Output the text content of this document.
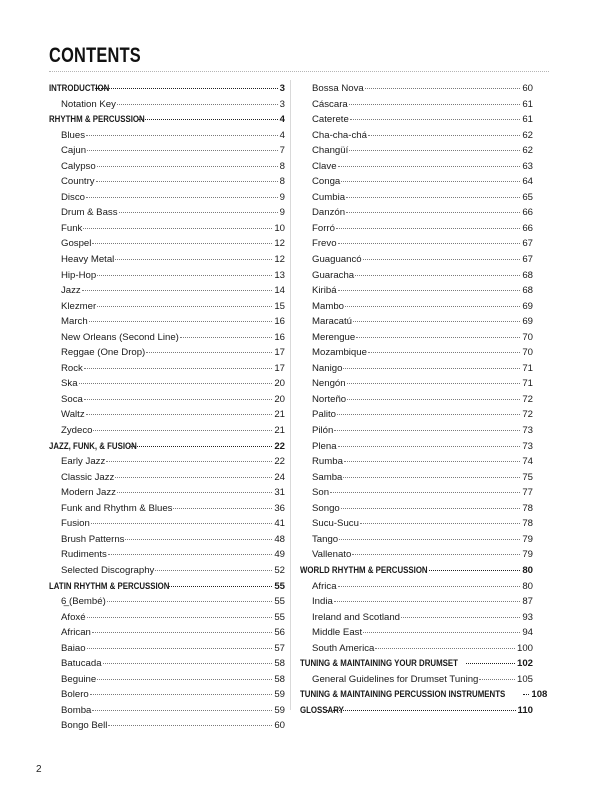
CONTENTS
INTRODUCTION	3
Notation Key	3
RHYTHM & PERCUSSION	4
Blues	4
Cajun	7
Calypso	8
Country	8
Disco	9
Drum & Bass	9
Funk	10
Gospel	12
Heavy Metal	12
Hip-Hop	13
Jazz	14
Klezmer	15
March	16
New Orleans (Second Line)	16
Reggae (One Drop)	17
Rock	17
Ska	20
Soca	20
Waltz	21
Zydeco	21
JAZZ, FUNK, & FUSION	22
Early Jazz	22
Classic Jazz	24
Modern Jazz	31
Funk and Rhythm & Blues	36
Fusion	41
Brush Patterns	48
Rudiments	49
Selected Discography	52
LATIN RHYTHM & PERCUSSION	55
6̲ (Bembé)	55
Afoxé	55
African	56
Baiao	57
Batucada	58
Beguine	58
Bolero	59
Bomba	59
Bongo Bell	60
Bossa Nova	60
Cáscara	61
Caterete	61
Cha-cha-chá	62
Changüí	62
Clave	63
Conga	64
Cumbia	65
Danzón	66
Forró	66
Frevo	67
Guaguancó	67
Guaracha	68
Kiribá	68
Mambo	69
Maracatú	69
Merengue	70
Mozambique	70
Nanigo	71
Nengón	71
Norteño	72
Palito	72
Pilón	73
Plena	73
Rumba	74
Samba	75
Son	77
Songo	78
Sucu-Sucu	78
Tango	79
Vallenato	79
WORLD RHYTHM & PERCUSSION	80
Africa	80
India	87
Ireland and Scotland	93
Middle East	94
South America	100
TUNING & MAINTAINING YOUR DRUMSET	102
General Guidelines for Drumset Tuning	105
TUNING & MAINTAINING PERCUSSION INSTRUMENTS	108
GLOSSARY	110
2
